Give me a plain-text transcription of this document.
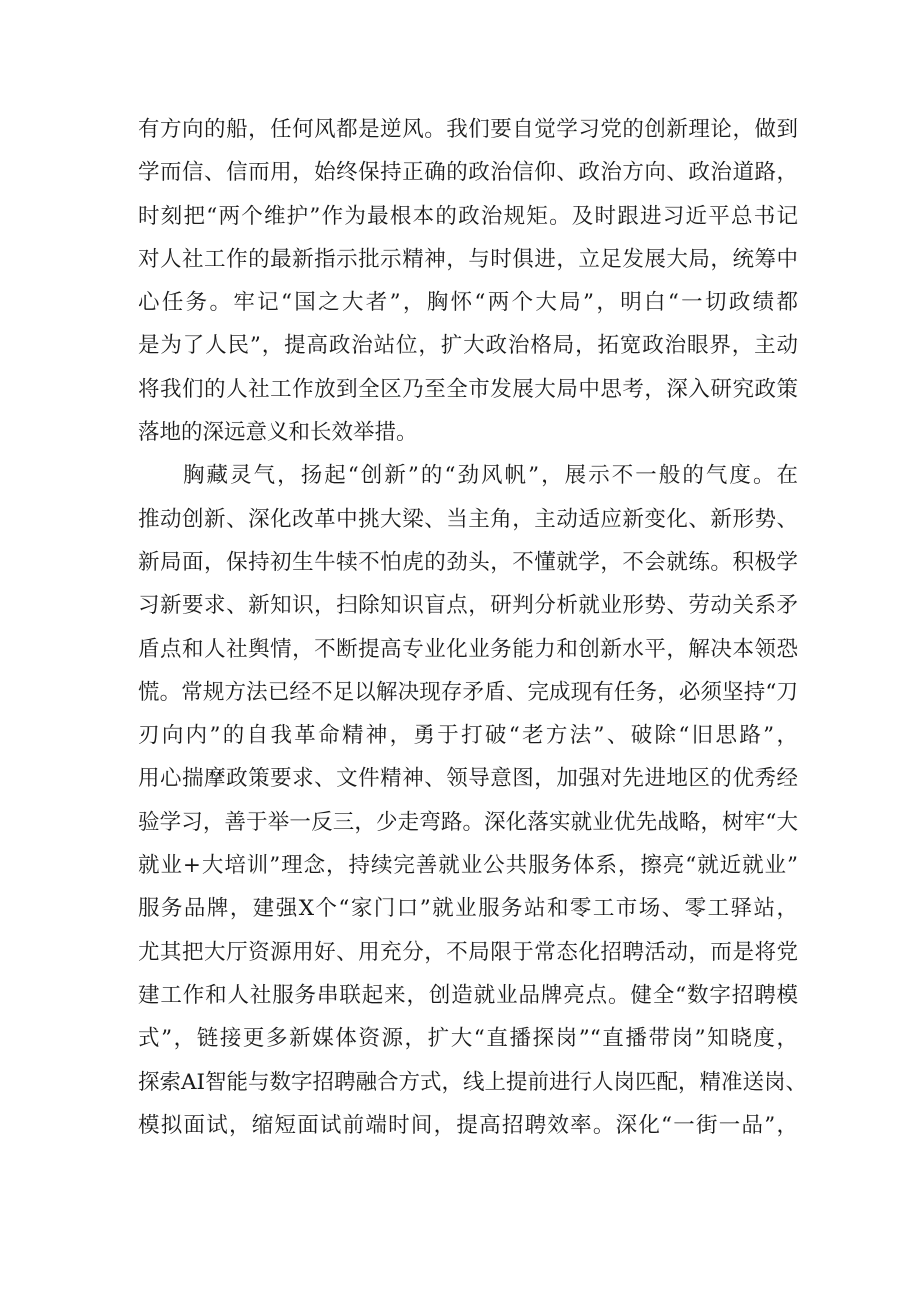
有方向的船，任何风都是逆风。我们要自觉学习党的创新理论，做到
学而信、信而用，始终保持正确的政治信仰、政治方向、政治道路，
时刻把“两个维护”作为最根本的政治规矩。及时跟进习近平总书记
对人社工作的最新指示批示精神，与时俱进，立足发展大局，统筹中
心任务。牢记“国之大者”，胸怀“两个大局”，明白“一切政绩都
是为了人民”，提高政治站位，扩大政治格局，拓宽政治眼界，主动
将我们的人社工作放到全区乃至全市发展大局中思考，深入研究政策
落地的深远意义和长效举措。
胸藏灵气，扬起“创新”的“劲风帆”，展示不一般的气度。在
推动创新、深化改革中挑大梁、当主角，主动适应新变化、新形势、
新局面，保持初生牛犊不怕虎的劲头，不懂就学，不会就练。积极学
习新要求、新知识，扫除知识盲点，研判分析就业形势、劳动关系矛
盾点和人社舆情，不断提高专业化业务能力和创新水平，解决本领恐
慌。常规方法已经不足以解决现存矛盾、完成现有任务，必须坚持“刀
刃向内”的自我革命精神，勇于打破“老方法”、破除“旧思路”，
用心揣摩政策要求、文件精神、领导意图，加强对先进地区的优秀经
验学习，善于举一反三，少走弯路。深化落实就业优先战略，树牢“大
就业+大培训”理念，持续完善就业公共服务体系，擦亮“就近就业”
服务品牌，建强X个“家门口”就业服务站和零工市场、零工驿站，
尤其把大厅资源用好、用充分，不局限于常态化招聘活动，而是将党
建工作和人社服务串联起来，创造就业品牌亮点。健全“数字招聘模
式”，链接更多新媒体资源，扩大“直播探岗”“直播带岗”知晓度，
探索AI智能与数字招聘融合方式，线上提前进行人岗匹配，精准送岗、
模拟面试，缩短面试前端时间，提高招聘效率。深化“一街一品”，
